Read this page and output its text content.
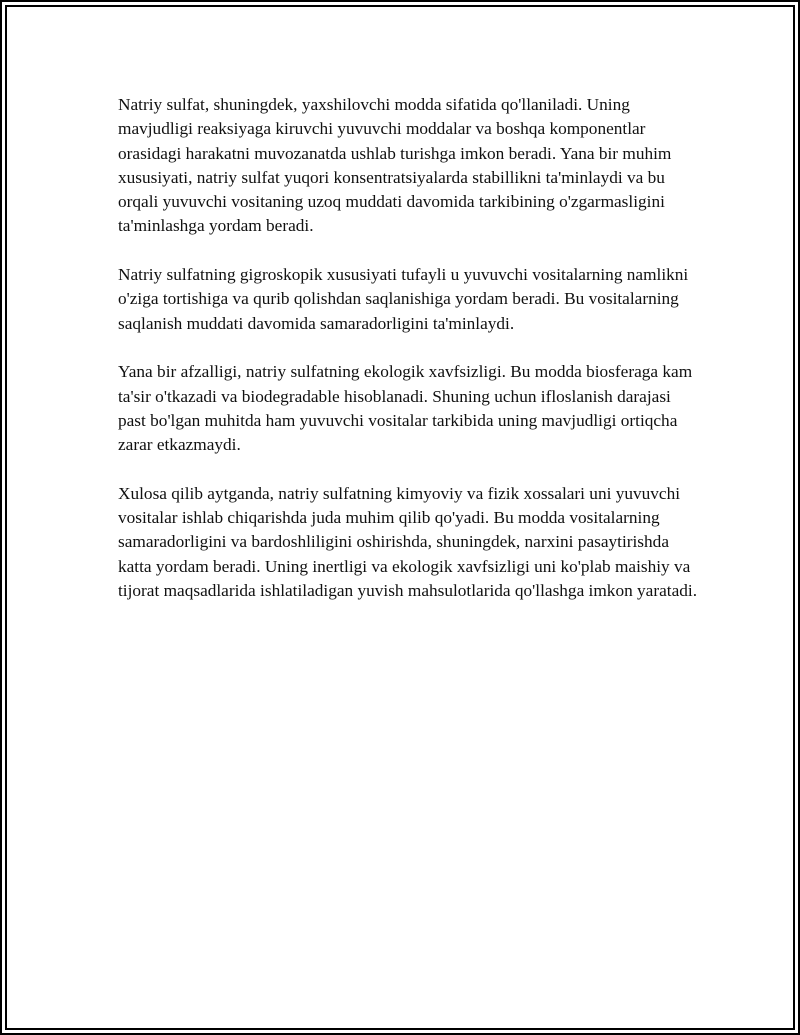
Natriy sulfat, shuningdek, yaxshilovchi modda sifatida qo'llaniladi. Uning mavjudligi reaksiyaga kiruvchi yuvuvchi moddalar va boshqa komponentlar orasidagi harakatni muvozanatda ushlab turishga imkon beradi. Yana bir muhim xususiyati, natriy sulfat yuqori konsentratsiyalarda stabillikni ta'minlaydi va bu orqali yuvuvchi vositaning uzoq muddati davomida tarkibining o'zgarmasligini ta'minlashga yordam beradi.

Natriy sulfatning gigroskopik xususiyati tufayli u yuvuvchi vositalarning namlikni o'ziga tortishiga va qurib qolishdan saqlanishiga yordam beradi. Bu vositalarning saqlanish muddati davomida samaradorligini ta'minlaydi.

Yana bir afzalligi, natriy sulfatning ekologik xavfsizligi. Bu modda biosferaga kam ta'sir o'tkazadi va biodegradable hisoblanadi. Shuning uchun ifloslanish darajasi past bo'lgan muhitda ham yuvuvchi vositalar tarkibida uning mavjudligi ortiqcha zarar etkazmaydi.

Xulosa qilib aytganda, natriy sulfatning kimyoviy va fizik xossalari uni yuvuvchi vositalar ishlab chiqarishda juda muhim qilib qo'yadi. Bu modda vositalarning samaradorligini va bardoshliligini oshirishda, shuningdek, narxini pasaytirishda katta yordam beradi. Uning inertligi va ekologik xavfsizligi uni ko'plab maishiy va tijorat maqsadlarida ishlatiladigan yuvish mahsulotlarida qo'llashga imkon yaratadi.
